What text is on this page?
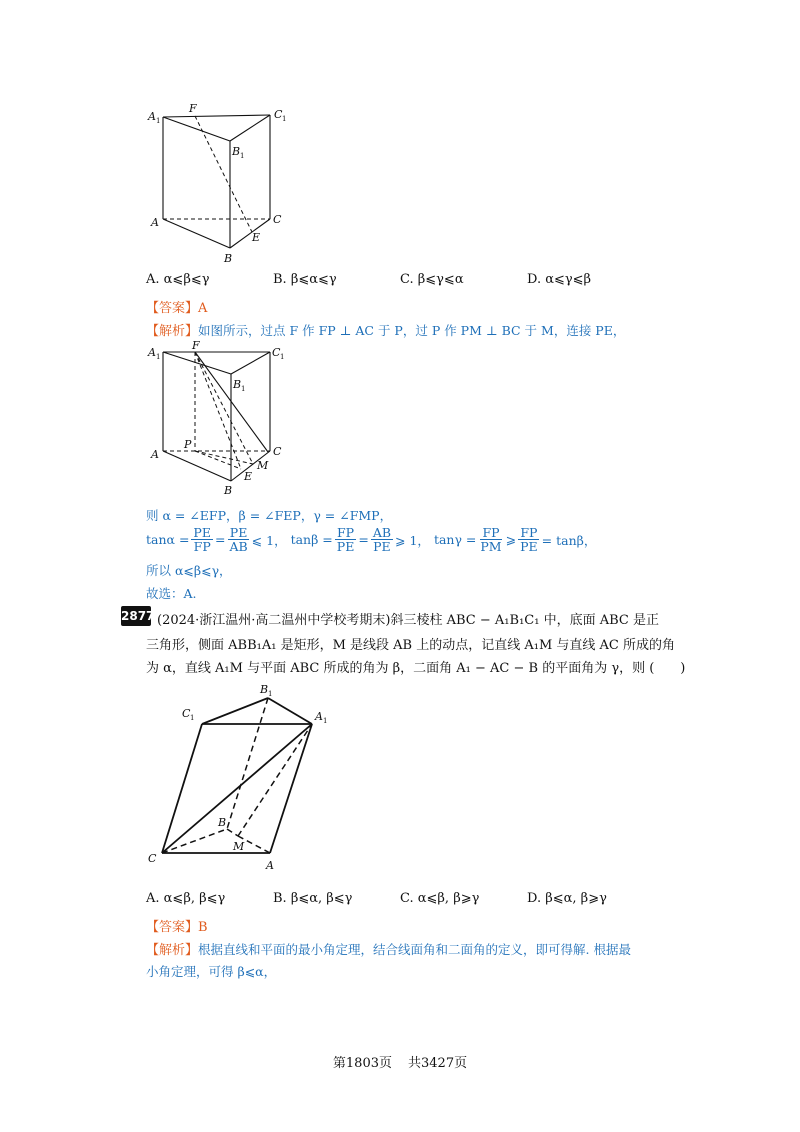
A 1
F	C 1
B 1
A	C
E
B
A. α⩽β⩽γ	B. β⩽α⩽γ	C. β⩽γ⩽α	D. α⩽γ⩽β
【答案】A
【解析】如图所示，过点 F 作 FP ⊥ AC 于 P，过 P 作 PM ⊥ BC 于 M，连接 PE，
A 1
F
C 1
B 1
P
A	C
M
E
B
则 α = ∠EFP，β = ∠FEP，γ = ∠FMP，
$\tan\alpha = \frac{PE}{FP} = \frac{PE}{AB}$ ⩽ 1， $\tan\beta = \frac{FP}{PE} = \frac{AB}{PE}$ ⩾ 1， $\tan\gamma = \frac{FP}{PM}$ ⩾ $\frac{FP}{PE} = \tan\beta$，
所以 α⩽β⩽γ，
故选：A.
2877 (2024·浙江温州·高二温州中学校考期末)斜三棱柱 ABC − A₁B₁C₁ 中，底面 ABC 是正
三角形，侧面 ABB₁A₁ 是矩形，M 是线段 AB 上的动点，记直线 A₁M 与直线 AC 所成的角
为 α，直线 A₁M 与平面 ABC 所成的角为 β，二面角 A₁ − AC − B 的平面角为 γ，则 (　　)
B 1
C 1	A 1
B
M
C
A
A. α⩽β, β⩽γ	B. β⩽α, β⩽γ	C. α⩽β, β⩾γ	D. β⩽α, β⩾γ
【答案】B
【解析】根据直线和平面的最小角定理，结合线面角和二面角的定义，即可得解. 根据最
小角定理，可得 β⩽α，
第1803页 共3427页
